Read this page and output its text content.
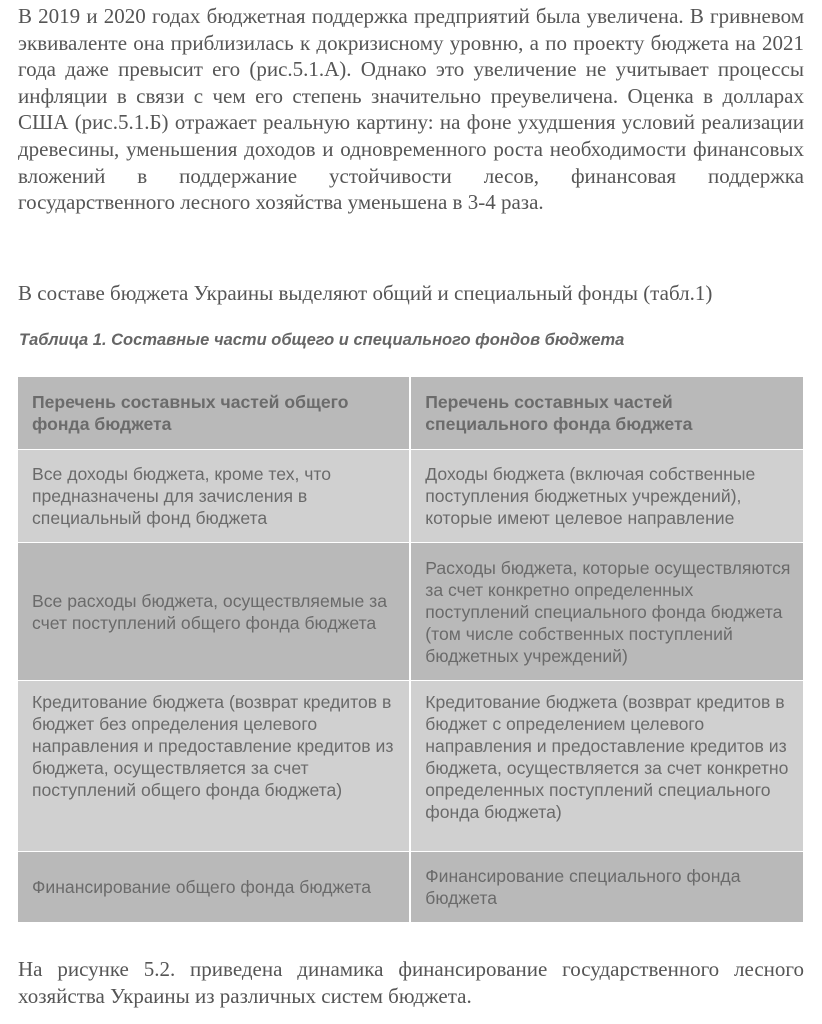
В 2019 и 2020 годах бюджетная поддержка предприятий была увеличена. В гривневом эквиваленте она приблизилась к докризисному уровню, а по проекту бюджета на 2021 года даже превысит его (рис.5.1.А). Однако это увеличение не учитывает процессы инфляции в связи с чем его степень значительно преувеличена. Оценка в долларах США (рис.5.1.Б) отражает реальную картину: на фоне ухудшения условий реализации древесины, уменьшения доходов и одновременного роста необходимости финансовых вложений в поддержание устойчивости лесов, финансовая поддержка государственного лесного хозяйства уменьшена в 3-4 раза.

В составе бюджета Украины выделяют общий и специальный фонды (табл.1)

Таблица 1. Составные части общего и специального фондов бюджета

Перечень составных частей общего фонда бюджета	Перечень составных частей специального фонда бюджета
Все доходы бюджета, кроме тех, что предназначены для зачисления в специальный фонд бюджета	Доходы бюджета (включая собственные поступления бюджетных учреждений), которые имеют целевое направление
Все расходы бюджета, осуществляемые за счет поступлений общего фонда бюджета	Расходы бюджета, которые осуществляются за счет конкретно определенных поступлений специального фонда бюджета (том числе собственных поступлений бюджетных учреждений)
Кредитование бюджета (возврат кредитов в бюджет без определения целевого направления и предоставление кредитов из бюджета, осуществляется за счет поступлений общего фонда бюджета)	Кредитование бюджета (возврат кредитов в бюджет с определением целевого направления и предоставление кредитов из бюджета, осуществляется за счет конкретно определенных поступлений специального фонда бюджета)
Финансирование общего фонда бюджета	Финансирование специального фонда бюджета

На рисунке 5.2. приведена динамика финансирование государственного лесного хозяйства Украины из различных систем бюджета.
